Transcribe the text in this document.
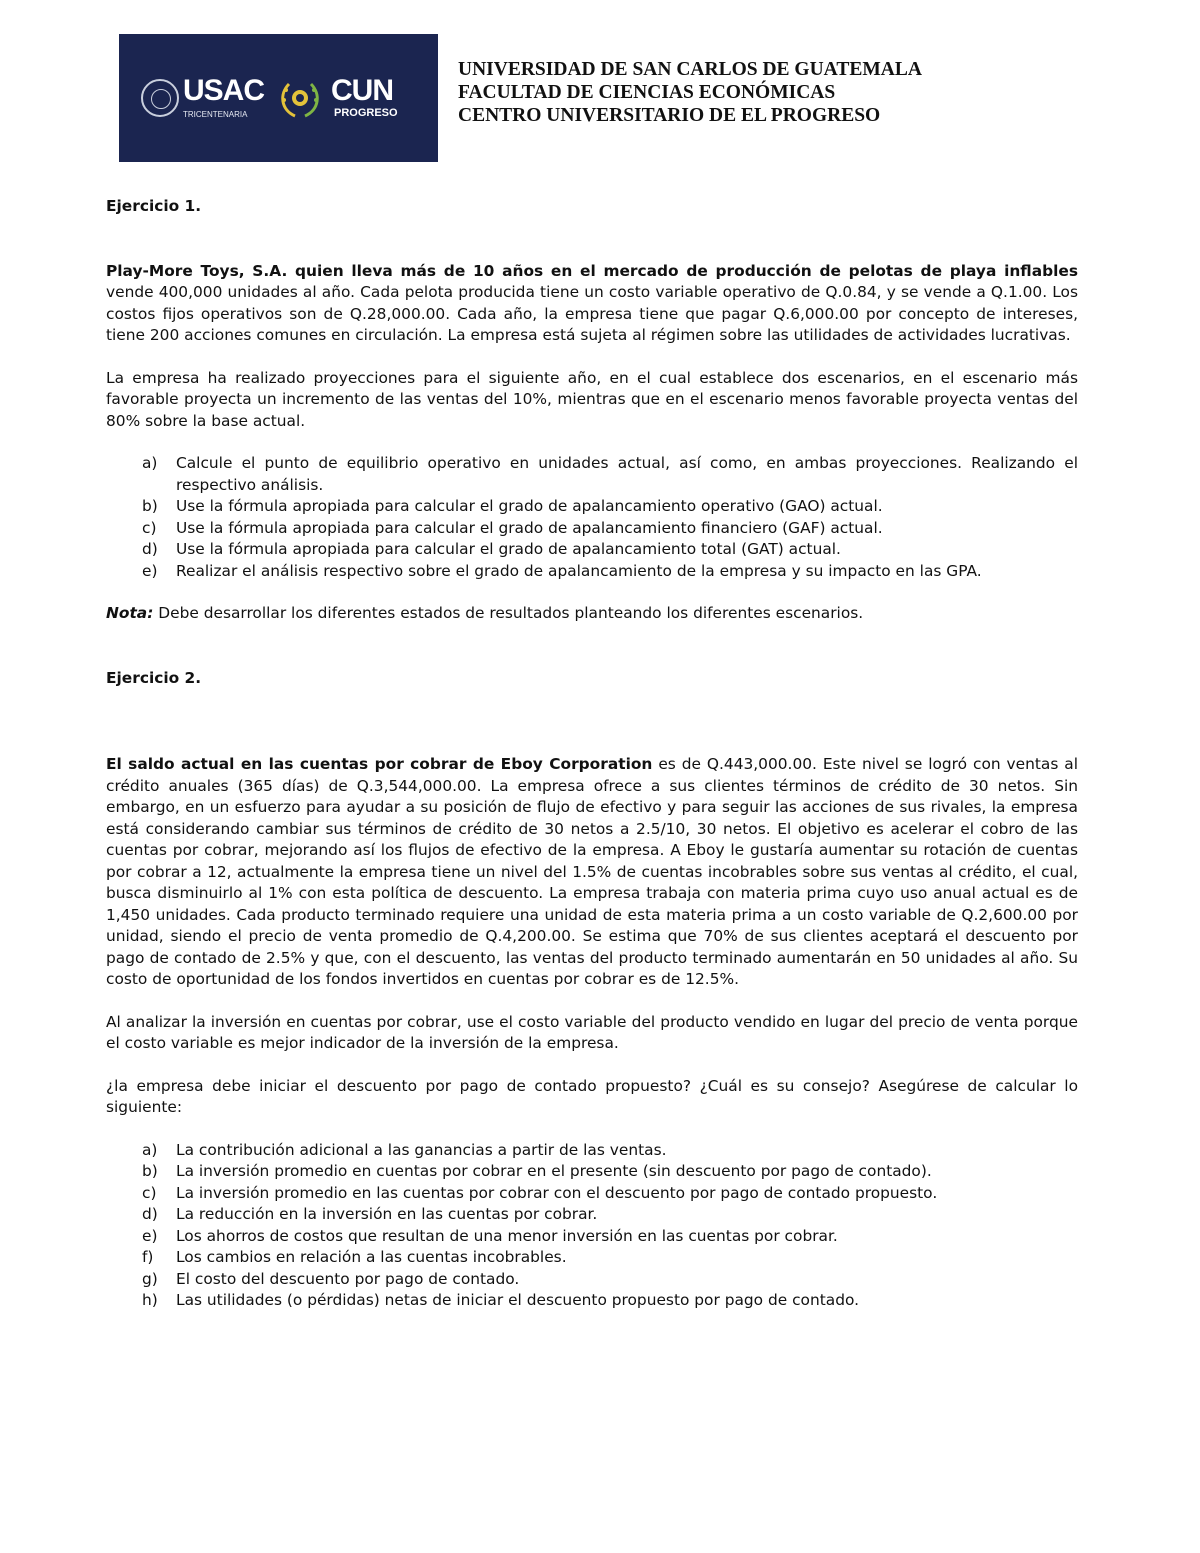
USAC
TRICENTENARIA
CUN
PROGRESO
UNIVERSIDAD DE SAN CARLOS DE GUATEMALA
FACULTAD DE CIENCIAS ECONÓMICAS
CENTRO UNIVERSITARIO DE EL PROGRESO

Ejercicio 1.

Play-More Toys, S.A. quien lleva más de 10 años en el mercado de producción de pelotas de playa inflables vende 400,000 unidades al año. Cada pelota producida tiene un costo variable operativo de Q.0.84, y se vende a Q.1.00. Los costos fijos operativos son de Q.28,000.00. Cada año, la empresa tiene que pagar Q.6,000.00 por concepto de intereses, tiene 200 acciones comunes en circulación. La empresa está sujeta al régimen sobre las utilidades de actividades lucrativas.

La empresa ha realizado proyecciones para el siguiente año, en el cual establece dos escenarios, en el escenario más favorable proyecta un incremento de las ventas del 10%, mientras que en el escenario menos favorable proyecta ventas del 80% sobre la base actual.

a) Calcule el punto de equilibrio operativo en unidades actual, así como, en ambas proyecciones. Realizando el respectivo análisis.
b) Use la fórmula apropiada para calcular el grado de apalancamiento operativo (GAO) actual.
c) Use la fórmula apropiada para calcular el grado de apalancamiento financiero (GAF) actual.
d) Use la fórmula apropiada para calcular el grado de apalancamiento total (GAT) actual.
e) Realizar el análisis respectivo sobre el grado de apalancamiento de la empresa y su impacto en las GPA.

Nota: Debe desarrollar los diferentes estados de resultados planteando los diferentes escenarios.

Ejercicio 2.

El saldo actual en las cuentas por cobrar de Eboy Corporation es de Q.443,000.00. Este nivel se logró con ventas al crédito anuales (365 días) de Q.3,544,000.00. La empresa ofrece a sus clientes términos de crédito de 30 netos. Sin embargo, en un esfuerzo para ayudar a su posición de flujo de efectivo y para seguir las acciones de sus rivales, la empresa está considerando cambiar sus términos de crédito de 30 netos a 2.5/10, 30 netos. El objetivo es acelerar el cobro de las cuentas por cobrar, mejorando así los flujos de efectivo de la empresa. A Eboy le gustaría aumentar su rotación de cuentas por cobrar a 12, actualmente la empresa tiene un nivel del 1.5% de cuentas incobrables sobre sus ventas al crédito, el cual, busca disminuirlo al 1% con esta política de descuento. La empresa trabaja con materia prima cuyo uso anual actual es de 1,450 unidades. Cada producto terminado requiere una unidad de esta materia prima a un costo variable de Q.2,600.00 por unidad, siendo el precio de venta promedio de Q.4,200.00. Se estima que 70% de sus clientes aceptará el descuento por pago de contado de 2.5% y que, con el descuento, las ventas del producto terminado aumentarán en 50 unidades al año. Su costo de oportunidad de los fondos invertidos en cuentas por cobrar es de 12.5%.

Al analizar la inversión en cuentas por cobrar, use el costo variable del producto vendido en lugar del precio de venta porque el costo variable es mejor indicador de la inversión de la empresa.

¿la empresa debe iniciar el descuento por pago de contado propuesto? ¿Cuál es su consejo? Asegúrese de calcular lo siguiente:

a) La contribución adicional a las ganancias a partir de las ventas.
b) La inversión promedio en cuentas por cobrar en el presente (sin descuento por pago de contado).
c) La inversión promedio en las cuentas por cobrar con el descuento por pago de contado propuesto.
d) La reducción en la inversión en las cuentas por cobrar.
e) Los ahorros de costos que resultan de una menor inversión en las cuentas por cobrar.
f) Los cambios en relación a las cuentas incobrables.
g) El costo del descuento por pago de contado.
h) Las utilidades (o pérdidas) netas de iniciar el descuento propuesto por pago de contado.
